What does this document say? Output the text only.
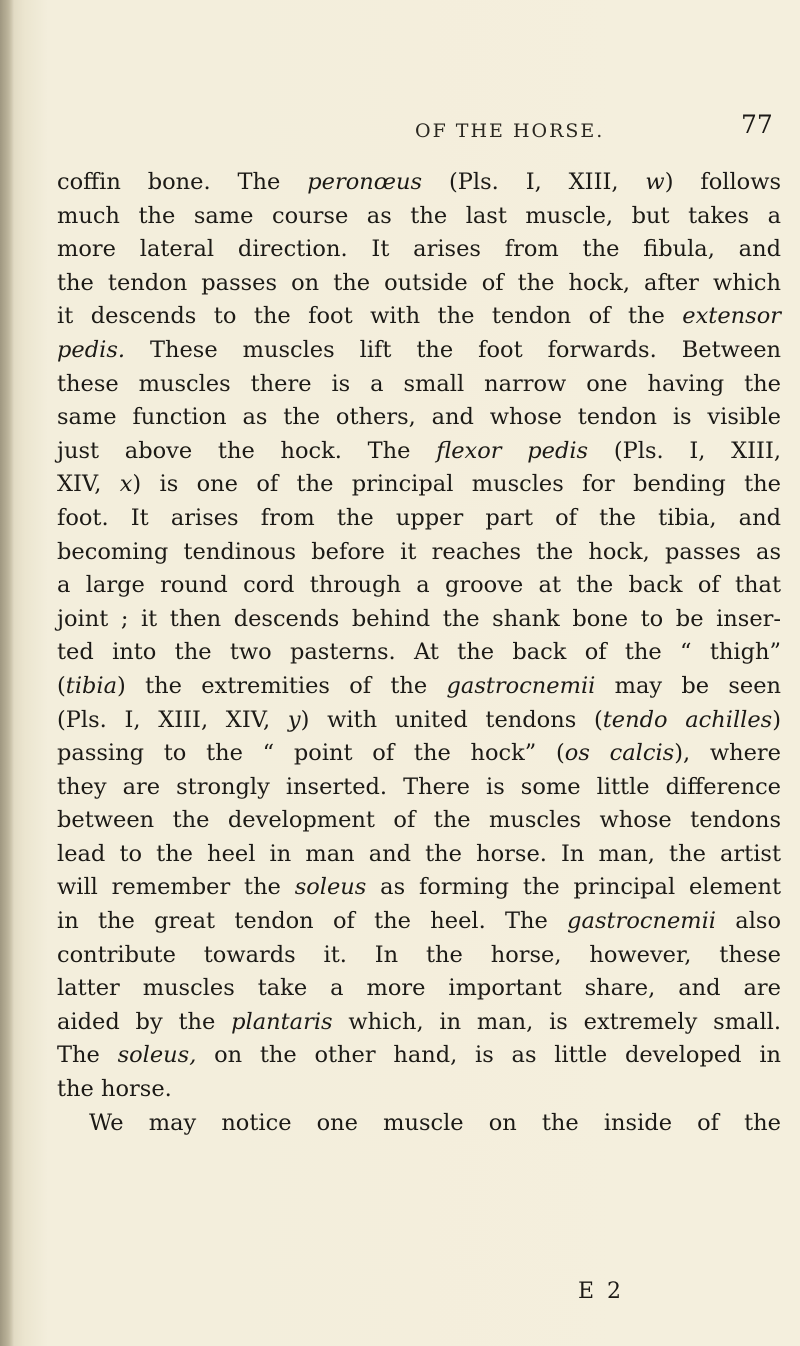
OF THE HORSE.	77
coffin bone. The peronœus (Pls. I, XIII, w) follows
much the same course as the last muscle, but takes a
more lateral direction. It arises from the fibula, and
the tendon passes on the outside of the hock, after which
it descends to the foot with the tendon of the extensor
pedis. These muscles lift the foot forwards. Between
these muscles there is a small narrow one having the
same function as the others, and whose tendon is visible
just above the hock. The flexor pedis (Pls. I, XIII,
XIV, x) is one of the principal muscles for bending the
foot. It arises from the upper part of the tibia, and
becoming tendinous before it reaches the hock, passes as
a large round cord through a groove at the back of that
joint ; it then descends behind the shank bone to be inser-
ted into the two pasterns. At the back of the “ thigh”
(tibia) the extremities of the gastrocnemii may be seen
(Pls. I, XIII, XIV, y) with united tendons (tendo achilles)
passing to the “ point of the hock” (os calcis), where
they are strongly inserted. There is some little difference
between the development of the muscles whose tendons
lead to the heel in man and the horse. In man, the artist
will remember the soleus as forming the principal element
in the great tendon of the heel. The gastrocnemii also
contribute towards it. In the horse, however, these
latter muscles take a more important share, and are
aided by the plantaris which, in man, is extremely small.
The soleus, on the other hand, is as little developed in
the horse.
We may notice one muscle on the inside of the
E 2
